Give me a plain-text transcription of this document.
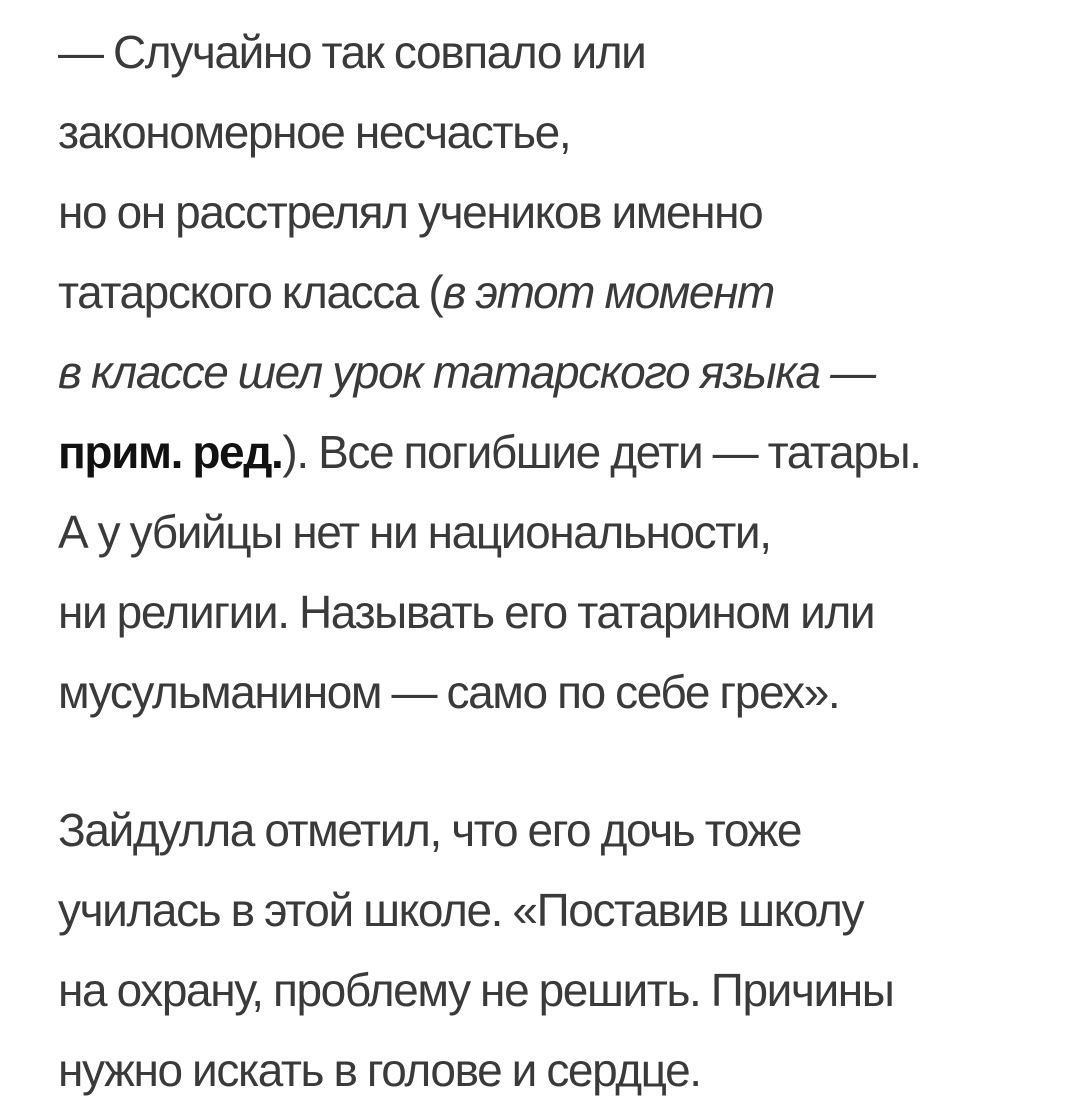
— Случайно так совпало или
закономерное несчастье,
но он расстрелял учеников именно
татарского класса (в этот момент
в классе шел урок татарского языка —
прим. ред.). Все погибшие дети — татары.
А у убийцы нет ни национальности,
ни религии. Называть его татарином или
мусульманином — само по себе грех».

Зайдулла отметил, что его дочь тоже
училась в этой школе. «Поставив школу
на охрану, проблему не решить. Причины
нужно искать в голове и сердце.
